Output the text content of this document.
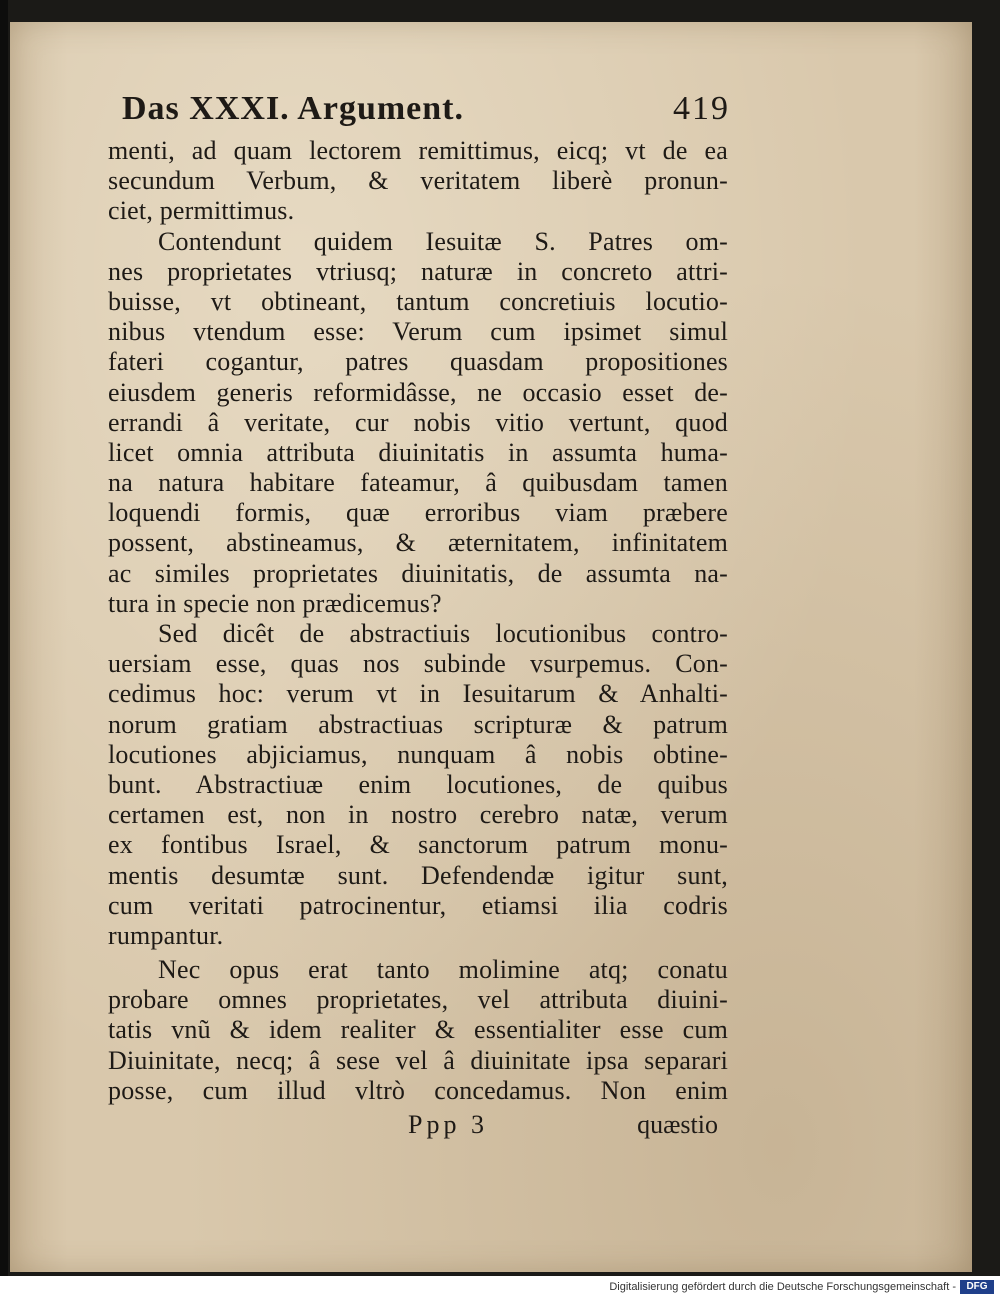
Das XXXI. Argument.	419
menti, ad quam lectorem remittimus, eicq; vt de ea
secundum Verbum, & veritatem liberè pronun-
ciet, permittimus.
Contendunt quidem Iesuitæ S. Patres om-
nes proprietates vtriusq; naturæ in concreto attri-
buisse, vt obtineant, tantum concretiuis locutio-
nibus vtendum esse: Verum cum ipsimet simul
fateri cogantur, patres quasdam propositiones
eiusdem generis reformidâsse, ne occasio esset de-
errandi â veritate, cur nobis vitio vertunt, quod
licet omnia attributa diuinitatis in assumta huma-
na natura habitare fateamur, â quibusdam tamen
loquendi formis, quæ erroribus viam præbere
possent, abstineamus, & æternitatem, infinitatem
ac similes proprietates diuinitatis, de assumta na-
tura in specie non prædicemus?
Sed dicêt de abstractiuis locutionibus contro-
uersiam esse, quas nos subinde vsurpemus. Con-
cedimus hoc: verum vt in Iesuitarum & Anhalti-
norum gratiam abstractiuas scripturæ & patrum
locutiones abjiciamus, nunquam â nobis obtine-
bunt. Abstractiuæ enim locutiones, de quibus
certamen est, non in nostro cerebro natæ, verum
ex fontibus Israel, & sanctorum patrum monu-
mentis desumtæ sunt. Defendendæ igitur sunt,
cum veritati patrocinentur, etiamsi ilia codris
rumpantur.
Nec opus erat tanto molimine atq; conatu
probare omnes proprietates, vel attributa diuini-
tatis vnũ & idem realiter & essentialiter esse cum
Diuinitate, necq; â sese vel â diuinitate ipsa separari
posse, cum illud vltrò concedamus. Non enim
Ppp 3	quæstio
Digitalisierung gefördert durch die Deutsche Forschungsgemeinschaft -	DFG
